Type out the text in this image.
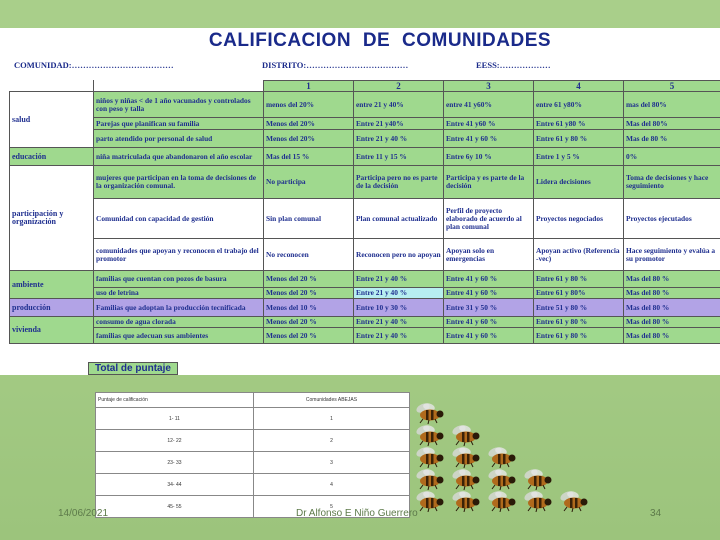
CALIFICACION DE COMUNIDADES
COMUNIDAD:………………………………	DISTRITO:………………………………	EESS:………………
		1	2	3	4	5
salud	niños y niñas < de 1 año vacunados y controlados con peso y talla	menos del 20%	entre 21 y 40%	entre 41 y60%	entre 61 y80%	mas del 80%
	Parejas que planifican su familia	Menos del 20%	Entre 21 y40%	Entre 41 y60 %	Entre 61 y80 %	Mas del 80%
	parto atendido por personal de salud	Menos del 20%	Entre 21 y 40 %	Entre 41 y 60 %	Entre 61 y 80 %	Mas de 80 %
educación	niña matriculada que abandonaron el año escolar	Mas del 15 %	Entre 11 y 15 %	Entre 6y 10 %	Entre 1 y 5 %	0%
participación y organización	mujeres que participan en la toma de decisiones de la organización comunal.	No participa	Participa pero no es parte de la decisión	Participa y es parte de la decisión	Lidera decisiones	Toma de decisiones y hace seguimiento
	Comunidad con capacidad de gestión	Sin plan comunal	Plan comunal actualizado	Perfil de proyecto elaborado de acuerdo al plan comunal	Proyectos negociados	Proyectos ejecutados
	comunidades que apoyan y reconocen el trabajo del promotor	No reconocen	Reconocen pero no apoyan	Apoyan solo en emergencias	Apoyan activo (Referencia -vec)	Hace seguimiento y evalúa a su promotor
ambiente	familias que cuentan con pozos de basura	Menos del 20 %	Entre 21 y 40 %	Entre 41 y 60 %	Entre 61 y 80 %	Mas del 80 %
	uso de letrina	Menos del 20 %	Entre 21 y 40 %	Entre 41 y 60 %	Entre 61 y 80%	Mas del 80 %
producción	Familias que adoptan la producción tecnificada	Menos del 10 %	Entre 10 y 30 %	Entre 31 y 50 %	Entre 51 y 80 %	Mas del 80 %
vivienda	consumo de agua clorada	Menos del 20 %	Entre 21 y 40 %	Entre 41 y 60 %	Entre 61 y 80 %	Mas del 80 %
	familias que adecuan sus ambientes	Menos del 20 %	Entre 21 y 40 %	Entre 41 y 60 %	Entre 61 y 80 %	Mas del 80 %
Total de puntaje
Puntaje de calificación	Comunidades ABEJAS
1- 11	1
12- 22	2
23- 33	3
34- 44	4
45- 55	5
14/06/2021	Dr Alfonso E Niño Guerrero	34
